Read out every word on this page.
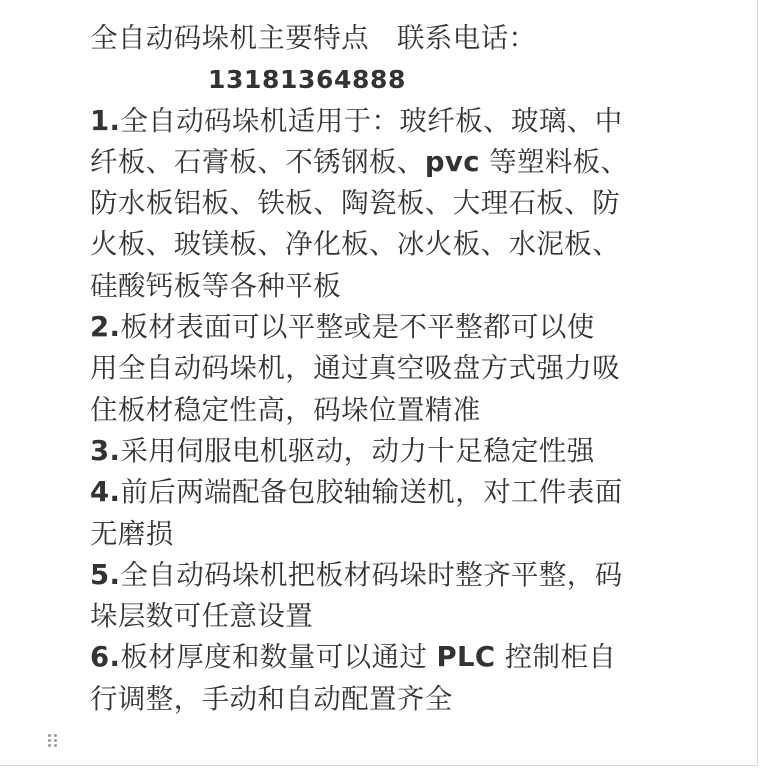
全自动码垛机主要特点　联系电话：
13181364888
1.全自动码垛机适用于：玻纤板、玻璃、中
纤板、石膏板、不锈钢板、pvc 等塑料板、
防水板铝板、铁板、陶瓷板、大理石板、防
火板、玻镁板、净化板、冰火板、水泥板、
硅酸钙板等各种平板
2.板材表面可以平整或是不平整都可以使
用全自动码垛机，通过真空吸盘方式强力吸
住板材稳定性高，码垛位置精准
3.采用伺服电机驱动，动力十足稳定性强
4.前后两端配备包胶轴输送机，对工件表面
无磨损
5.全自动码垛机把板材码垛时整齐平整，码
垛层数可任意设置
6.板材厚度和数量可以通过 PLC 控制柜自
行调整，手动和自动配置齐全
